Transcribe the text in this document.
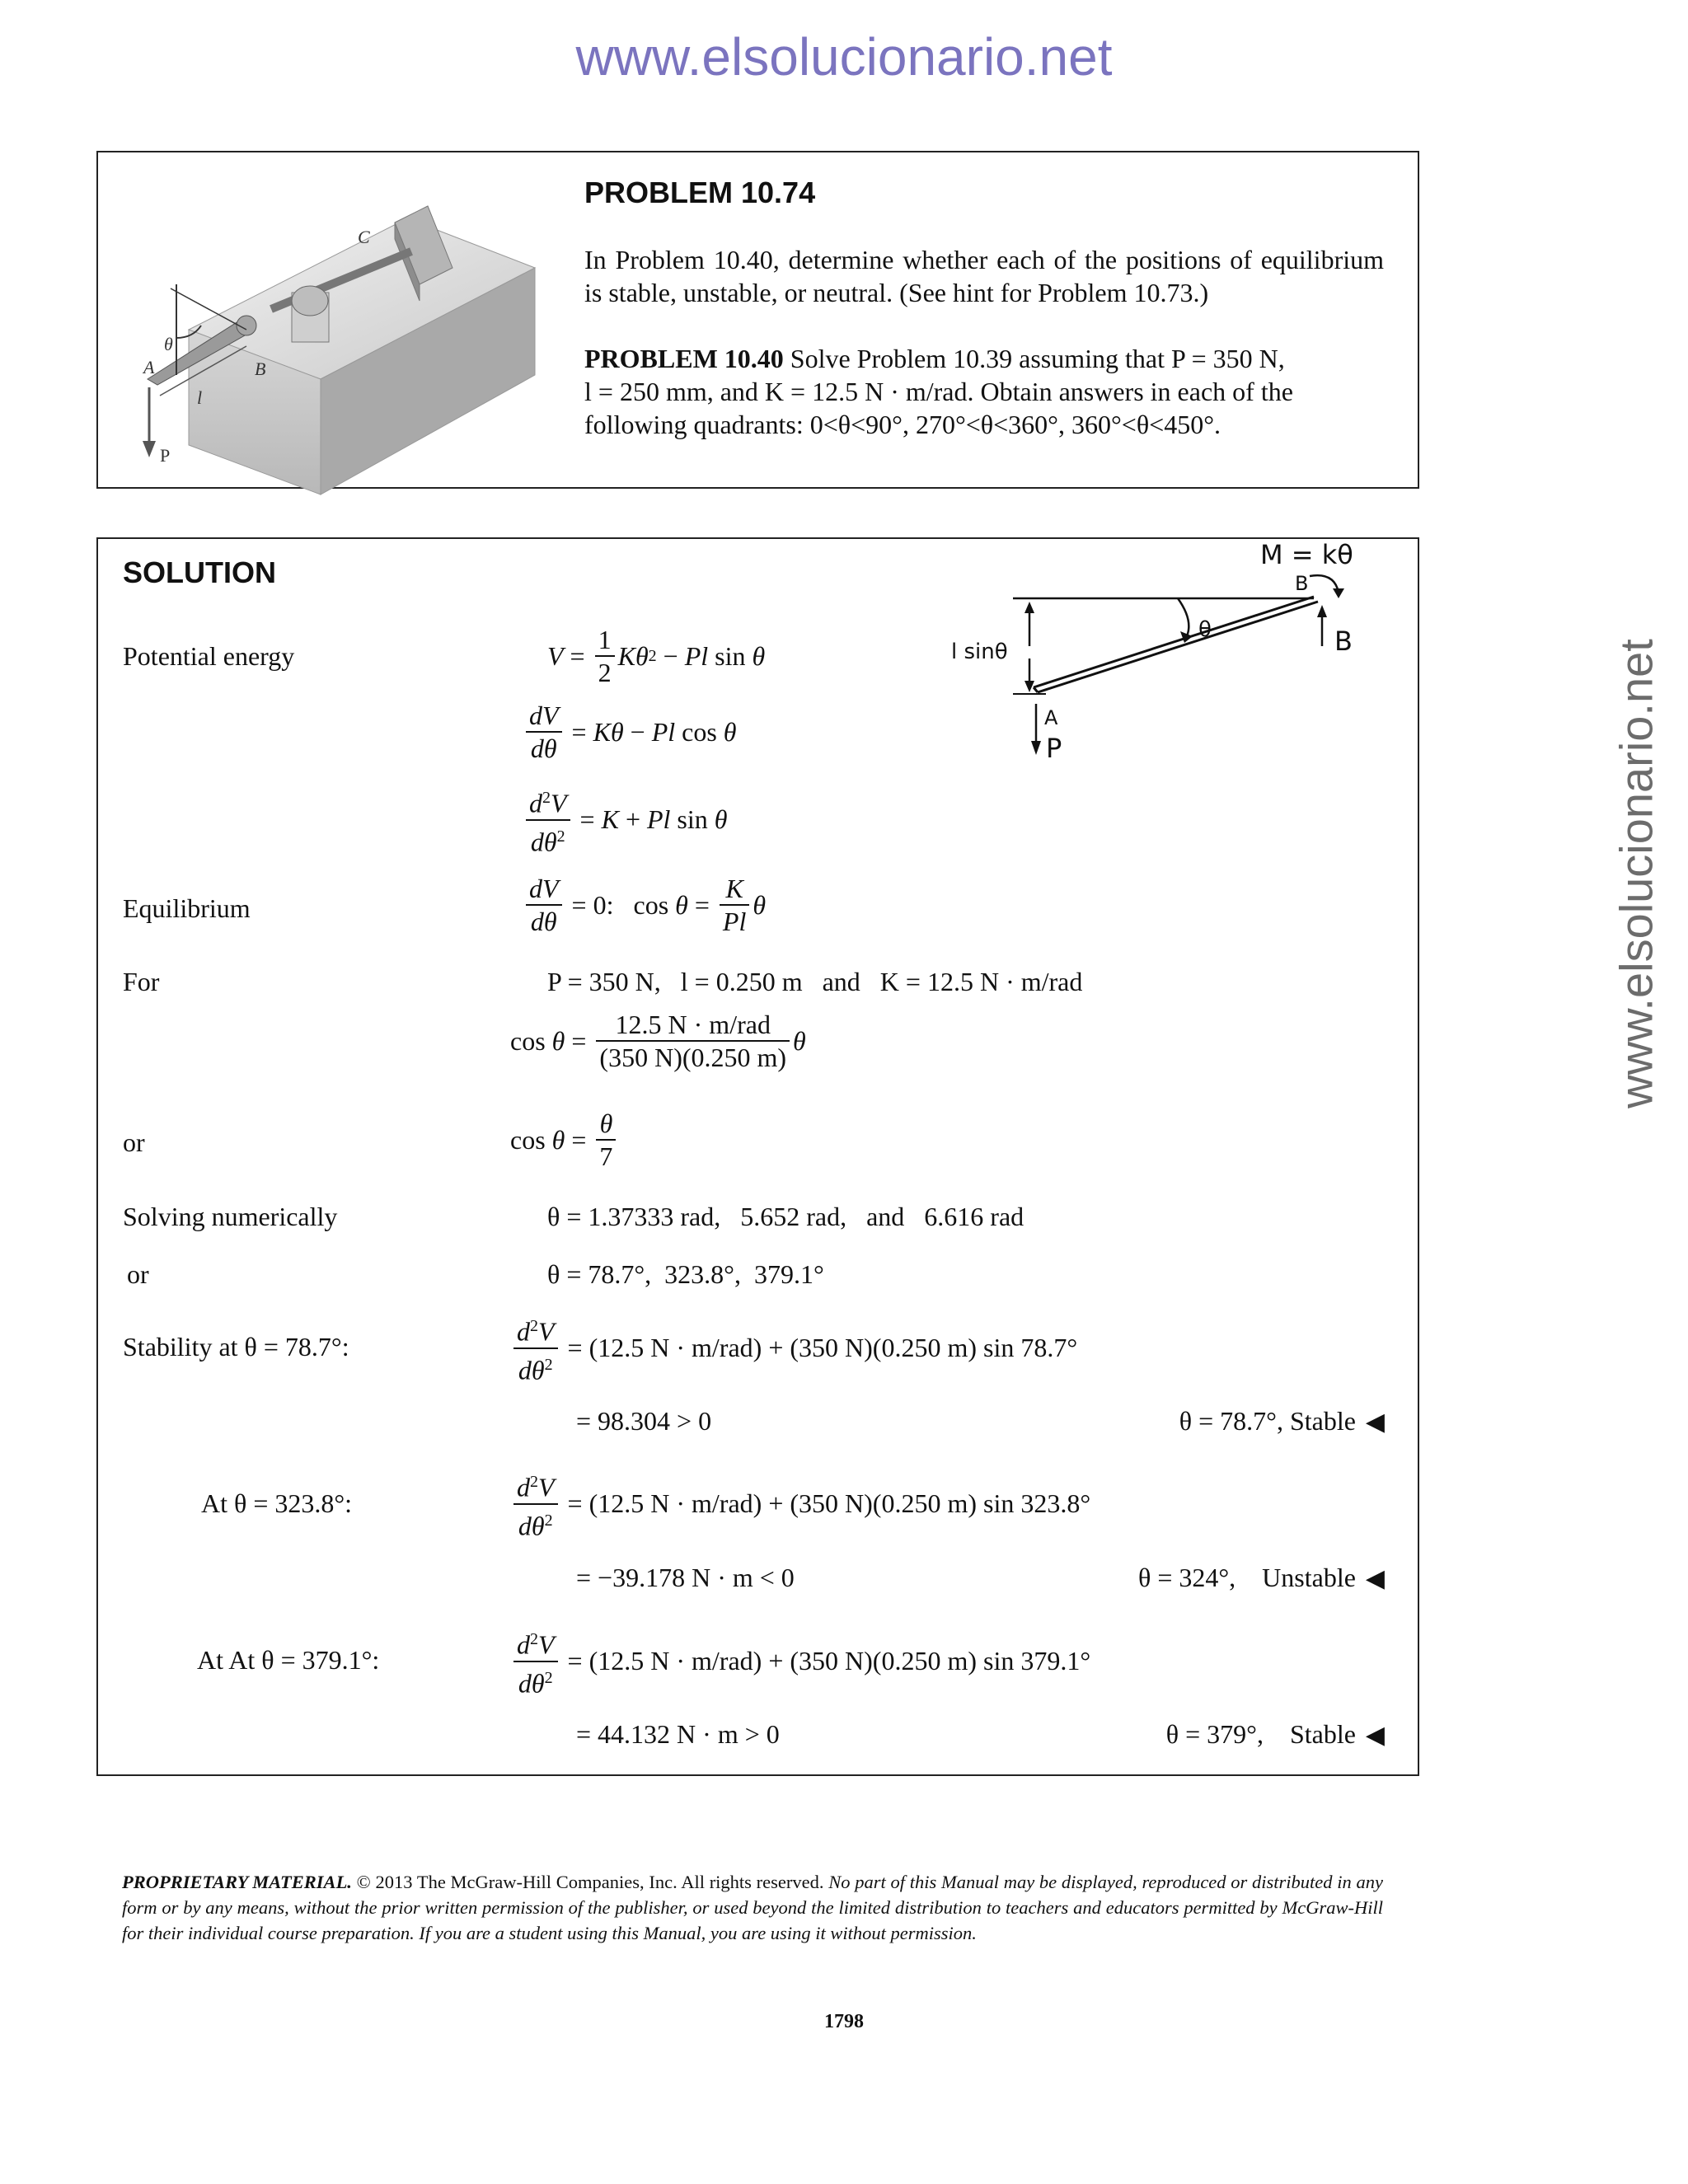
www.elsolucionario.net
www.elsolucionario.net
A
θ
B
l
P
C
PROBLEM 10.74
In Problem 10.40, determine whether each of the positions of equilibrium is stable, unstable, or neutral. (See hint for Problem 10.73.)
PROBLEM 10.40 Solve Problem 10.39 assuming that P = 350 N,
l = 250 mm, and K = 12.5 N · m/rad. Obtain answers in each of the
following quadrants: 0<θ<90°, 270°<θ<360°, 360°<θ<450°.
SOLUTION
M = kθ
B
B
θ
l sinθ
A
P
Potential energy	$V = \frac{1}{2}$ Kθ 2 − Pl sin θ
$\frac{dV}{d\theta} = K\theta - Pl$ cos θ
$\frac{d^2V}{d\theta^2} = K + Pl$ sin θ
Equilibrium	$\frac{dV}{d\theta} = 0$:   $\cos \theta = \frac{K}{Pl}$ θ
For	P = 350 N,   l = 0.250 m   and   K = 12.5 N · m/rad
$\cos \theta = \frac{\text{12.5 N · m/rad}}{(350 N)(0.250 m)}$ θ
or	$\cos \theta = \frac{\theta}{7}$
Solving numerically	θ = 1.37333 rad,   5.652 rad,   and   6.616 rad
or	θ = 78.7°,  323.8°,  379.1°
Stability at θ = 78.7°:	$\frac{d^2V}{d\theta^2}$
= (12.5 N · m/rad) + (350 N)(0.250 m) sin 78.7°
= 98.304 > 0	θ = 78.7°, Stable ◀
At θ = 323.8°:	$\frac{d^2V}{d\theta^2}$
= (12.5 N · m/rad) + (350 N)(0.250 m) sin 323.8°
= −39.178 N · m < 0	θ = 324°,    Unstable ◀
At At θ = 379.1°:	$\frac{d^2V}{d\theta^2}$
= (12.5 N · m/rad) + (350 N)(0.250 m) sin 379.1°
= 44.132 N · m > 0	θ = 379°,    Stable ◀
PROPRIETARY MATERIAL. © 2013 The McGraw-Hill Companies, Inc. All rights reserved. No part of this Manual may be displayed, reproduced or distributed in any form or by any means, without the prior written permission of the publisher, or used beyond the limited distribution to teachers and educators permitted by McGraw-Hill for their individual course preparation. If you are a student using this Manual, you are using it without permission.
1798
